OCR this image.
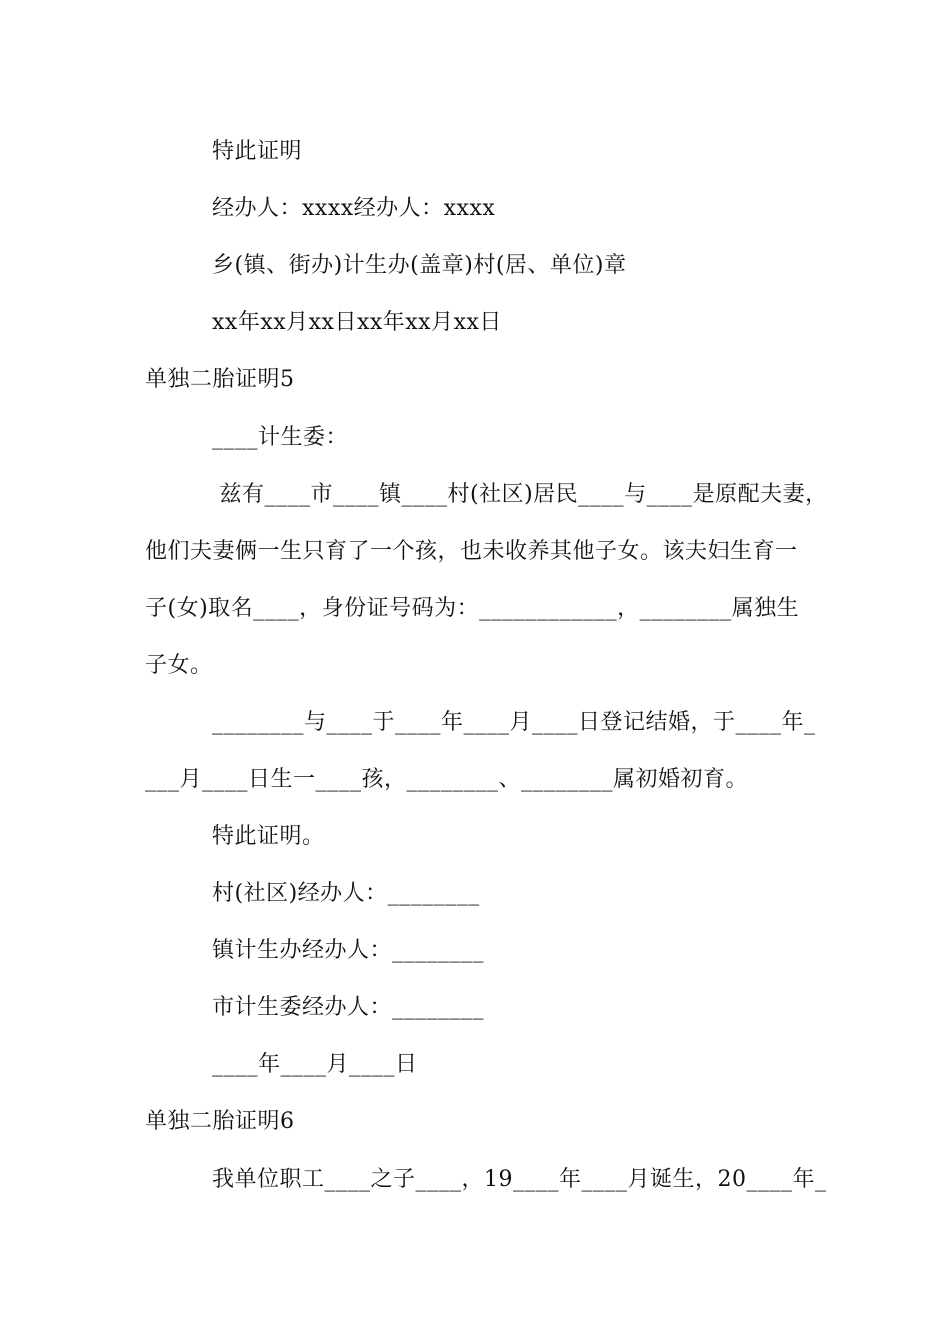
特此证明
经办人：xxxx经办人：xxxx
乡(镇、街办)计生办(盖章)村(居、单位)章
xx年xx月xx日xx年xx月xx日
单独二胎证明5
____计生委：
兹有____市____镇____村(社区)居民____与____是原配夫妻，
他们夫妻俩一生只育了一个孩，也未收养其他子女。该夫妇生育一
子(女)取名____，身份证号码为：____________，________属独生
子女。
________与____于____年____月____日登记结婚，于____年_
___月____日生一____孩，________、________属初婚初育。
特此证明。
村(社区)经办人：________
镇计生办经办人：________
市计生委经办人：________
____年____月____日
单独二胎证明6
我单位职工____之子____，19____年____月诞生，20____年_
